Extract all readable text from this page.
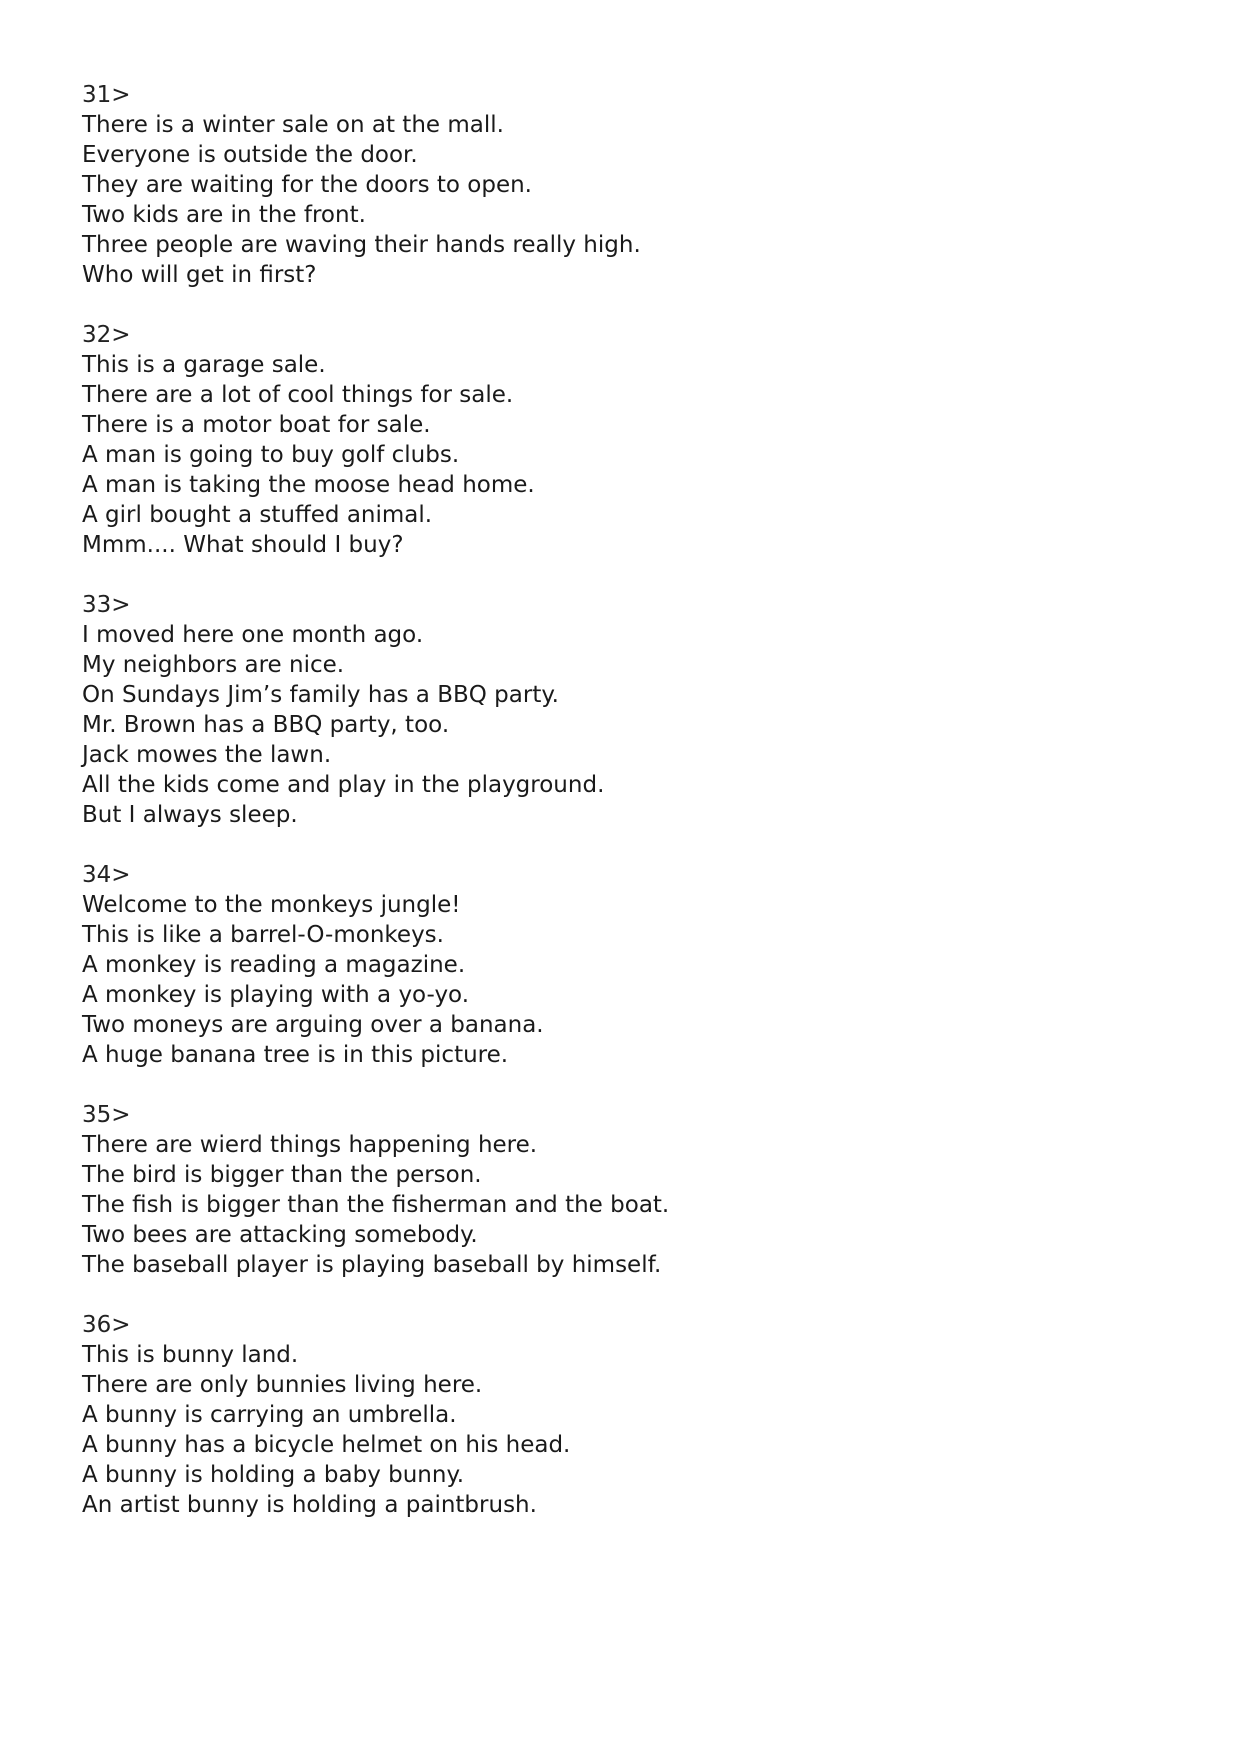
31>
There is a winter sale on at the mall.
Everyone is outside the door.
They are waiting for the doors to open.
Two kids are in the front.
Three people are waving their hands really high.
Who will get in first?
32>
This is a garage sale.
There are a lot of cool things for sale.
There is a motor boat for sale.
A man is going to buy golf clubs.
A man is taking the moose head home.
A girl bought a stuffed animal.
Mmm.... What should I buy?
33>
I moved here one month ago.
My neighbors are nice.
On Sundays Jim’s family has a BBQ party.
Mr. Brown has a BBQ party, too.
Jack mowes the lawn.
All the kids come and play in the playground.
But I always sleep.
34>
Welcome to the monkeys jungle!
This is like a barrel-O-monkeys.
A monkey is reading a magazine.
A monkey is playing with a yo-yo.
Two moneys are arguing over a banana.
A huge banana tree is in this picture.
35>
There are wierd things happening here.
The bird is bigger than the person.
The fish is bigger than the fisherman and the boat.
Two bees are attacking somebody.
The baseball player is playing baseball by himself.
36>
This is bunny land.
There are only bunnies living here.
A bunny is carrying an umbrella.
A bunny has a bicycle helmet on his head.
A bunny is holding a baby bunny.
An artist bunny is holding a paintbrush.
